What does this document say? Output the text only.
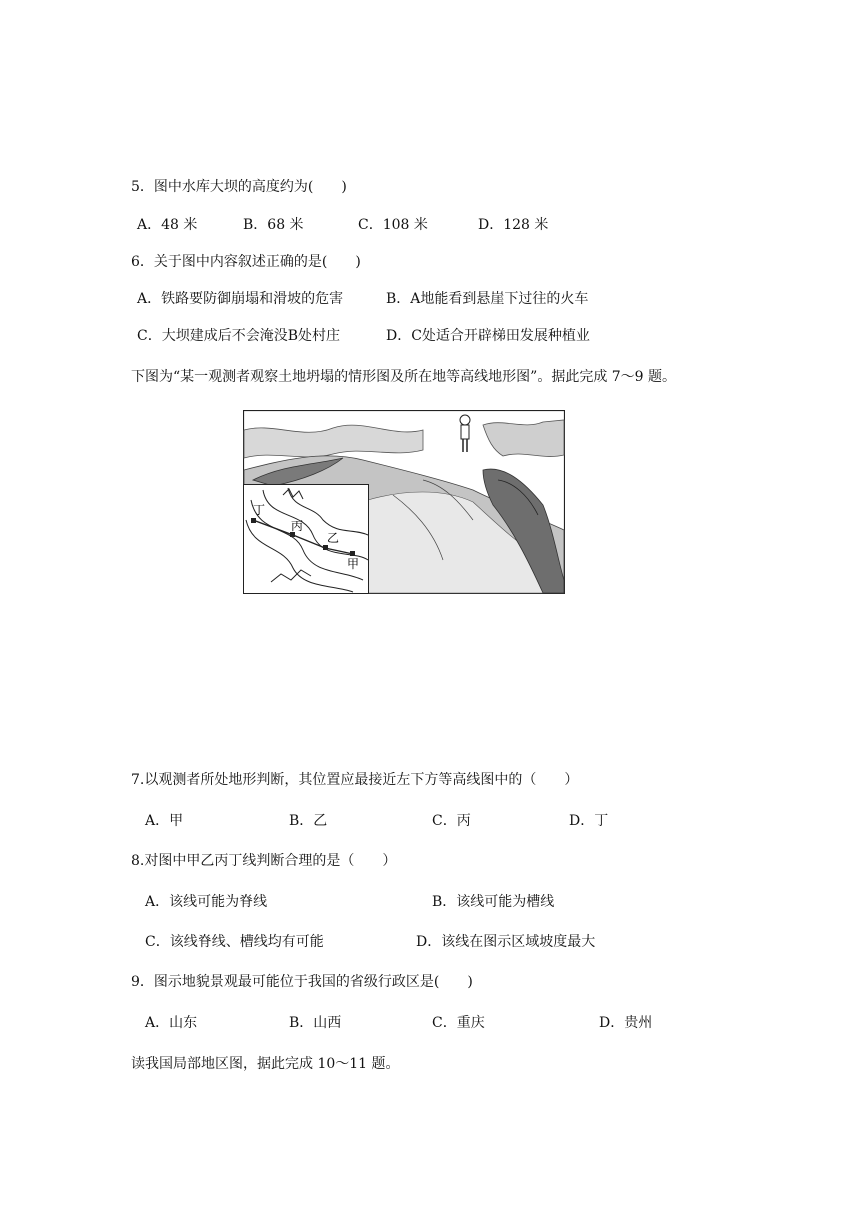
5．图中水库大坝的高度约为(　　)
A．48 米	B．68 米	C．108 米	D．128 米
6．关于图中内容叙述正确的是(　　)
A．铁路要防御崩塌和滑坡的危害	B．A地能看到悬崖下过往的火车
C．大坝建成后不会淹没B处村庄	D．C处适合开辟梯田发展种植业
下图为“某一观测者观察土地坍塌的情形图及所在地等高线地形图”。据此完成 7～9 题。
丁
丙
乙
甲
7.以观测者所处地形判断，其位置应最接近左下方等高线图中的（　　）
A．甲	B．乙	C．丙	D．丁
8.对图中甲乙丙丁线判断合理的是（　　）
A．该线可能为脊线	B．该线可能为槽线
C．该线脊线、槽线均有可能	D．该线在图示区域坡度最大
9．图示地貌景观最可能位于我国的省级行政区是(　　)
A．山东	B．山西	C．重庆	D．贵州
读我国局部地区图，据此完成 10～11 题。
